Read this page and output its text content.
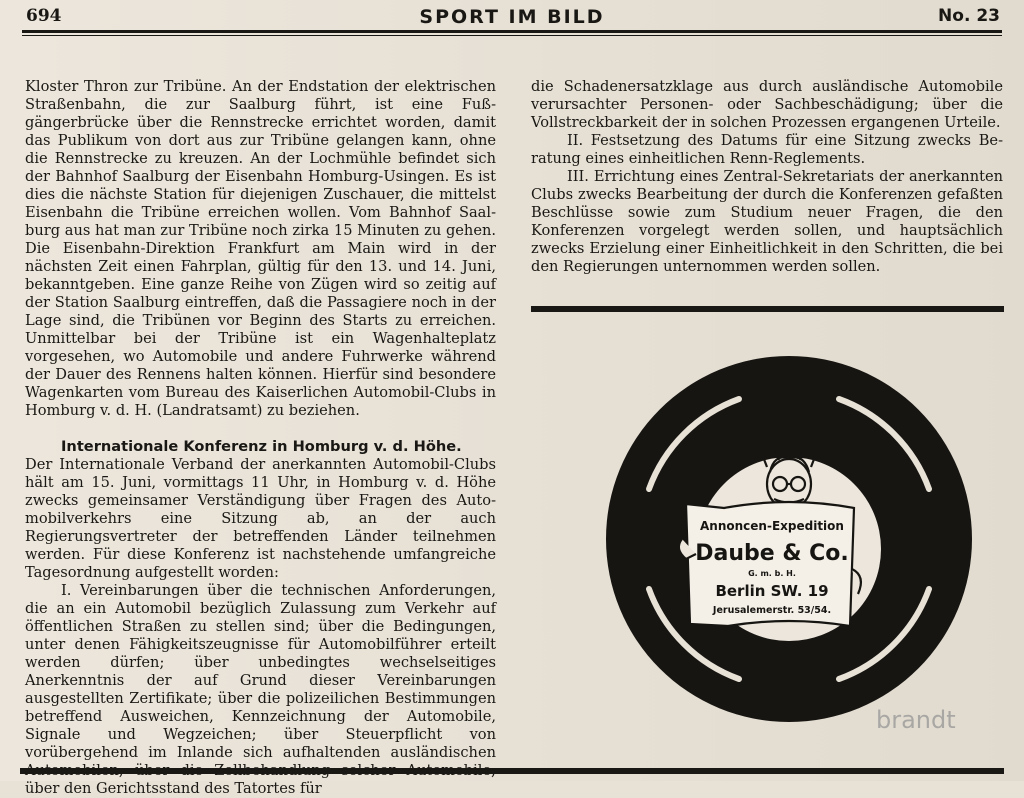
694	SPORT IM BILD	No. 23

Kloster Thron zur Tribüne. An der Endstation der elektrischen Straßenbahn, die zur Saalburg führt, ist eine Fußgängerbrücke über die Rennstrecke errichtet worden, damit das Publikum von dort aus zur Tribüne gelangen kann, ohne die Rennstrecke zu kreuzen. An der Lochmühle befindet sich der Bahnhof Saalburg der Eisenbahn Homburg-Usingen. Es ist dies die nächste Station für diejenigen Zuschauer, die mittelst Eisenbahn die Tribüne erreichen wollen. Vom Bahnhof Saalburg aus hat man zur Tribüne noch zirka 15 Minuten zu gehen. Die Eisenbahn-Direktion Frankfurt am Main wird in der nächsten Zeit einen Fahrplan, gültig für den 13. und 14. Juni, bekanntgeben. Eine ganze Reihe von Zügen wird so zeitig auf der Station Saalburg eintreffen, daß die Passagiere noch in der Lage sind, die Tribünen vor Beginn des Starts zu erreichen. Unmittelbar bei der Tribüne ist ein Wagenhalteplatz vorgesehen, wo Automobile und andere Fuhrwerke während der Dauer des Rennens halten können. Hierfür sind besondere Wagenkarten vom Bureau des Kaiserlichen Automobil-Clubs in Homburg v. d. H. (Landratsamt) zu beziehen.

Internationale Konferenz in Homburg v. d. Höhe.

Der Internationale Verband der anerkannten Automobil-Clubs hält am 15. Juni, vormittags 11 Uhr, in Homburg v. d. Höhe zwecks gemeinsamer Verständigung über Fragen des Automobilverkehrs eine Sitzung ab, an der auch Regierungsvertreter der betreffenden Länder teilnehmen werden. Für diese Konferenz ist nachstehende umfangreiche Tagesordnung aufgestellt worden:

I. Vereinbarungen über die technischen Anforderungen, die an ein Automobil bezüglich Zulassung zum Verkehr auf öffentlichen Straßen zu stellen sind; über die Bedingungen, unter denen Fähigkeitszeugnisse für Automobilführer erteilt werden dürfen; über unbedingtes wechselseitiges Anerkenntnis der auf Grund dieser Vereinbarungen ausgestellten Zertifikate; über die polizeilichen Bestimmungen betreffend Ausweichen, Kennzeichnung der Automobile, Signale und Wegzeichen; über Steuerpflicht von vorübergehend im Inlande sich aufhaltenden ausländischen über den Gerichtsstand des Tatortes für

die Schadenersatzklage aus durch ausländische Automobile verursachter Personen- oder Sachbeschädigung; über die Vollstreckbarkeit der in solchen Prozessen ergangenen Urteile.

II. Festsetzung des Datums für eine Sitzung zwecks Beratung eines einheitlichen Renn-Reglements.

III. Errichtung eines Zentral-Sekretariats der anerkannten Clubs zwecks Bearbeitung der durch die Konferenzen gefaßten Beschlüsse sowie zum Studium neuer Fragen, die den Konferenzen vorgelegt werden sollen, und hauptsächlich zwecks Erzielung einer Einheitlichkeit in den Schritten, die bei den Regierungen unternommen werden sollen.

Annoncen-Expedition
Daube & Co.
G. m. b. H.
Berlin SW. 19
Jerusalemerstr. 53/54.
brandt
